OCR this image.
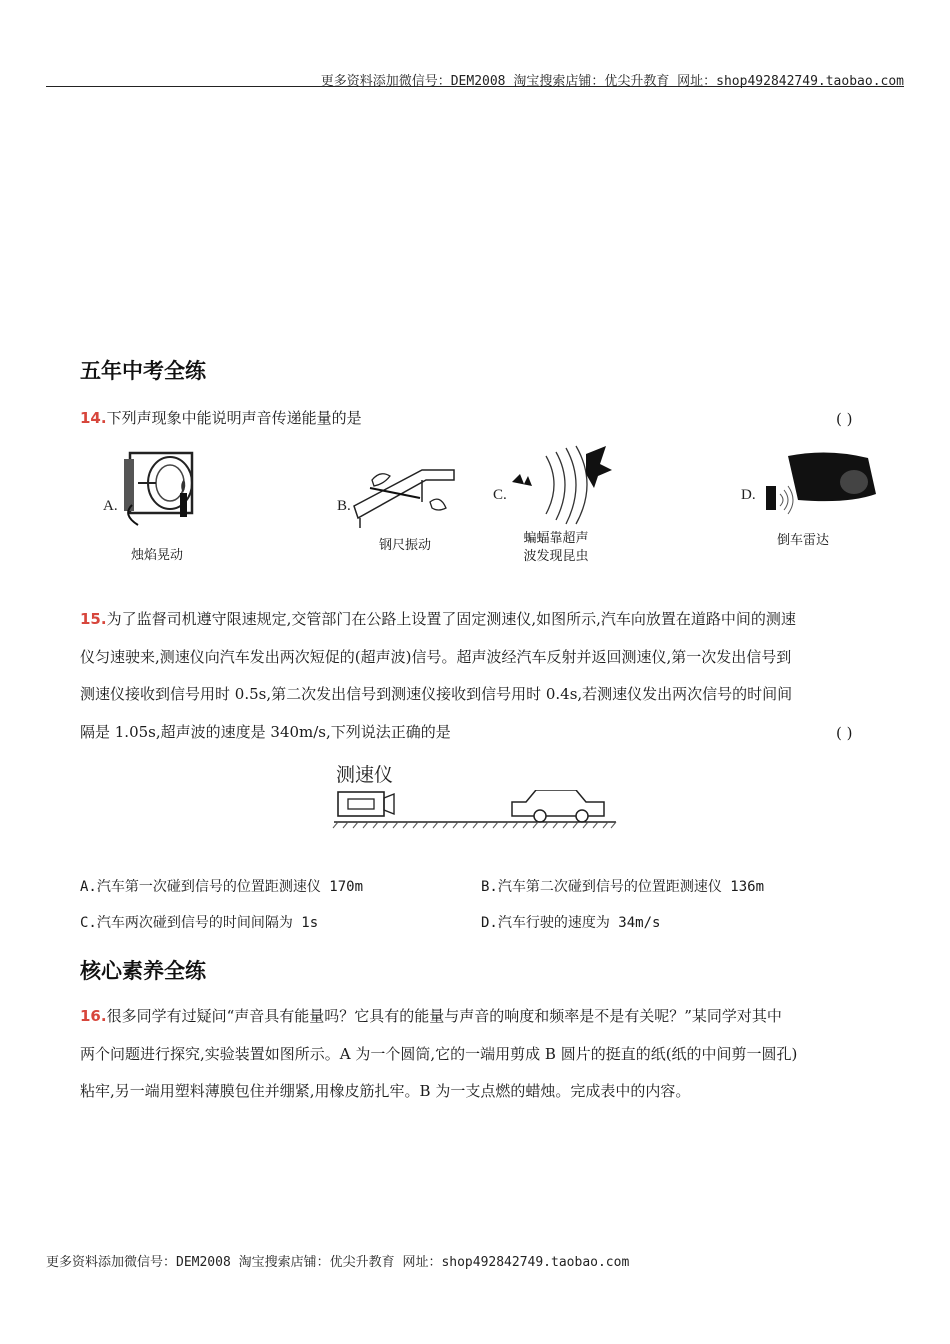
更多资料添加微信号：DEM2008 淘宝搜索店铺：优尖升教育 网址：shop492842749.taobao.com
五年中考全练
14.下列声现象中能说明声音传递能量的是	( )
A.
烛焰晃动
B.
钢尺振动
C.
蝙蝠靠超声
波发现昆虫
D.
倒车雷达
15.为了监督司机遵守限速规定,交管部门在公路上设置了固定测速仪,如图所示,汽车向放置在道路中间的测速
仪匀速驶来,测速仪向汽车发出两次短促的(超声波)信号。超声波经汽车反射并返回测速仪,第一次发出信号到
测速仪接收到信号用时 0.5s,第二次发出信号到测速仪接收到信号用时 0.4s,若测速仪发出两次信号的时间间
隔是 1.05s,超声波的速度是 340m/s,下列说法正确的是	( )
测速仪
A.汽车第一次碰到信号的位置距测速仪 170m	B.汽车第二次碰到信号的位置距测速仪 136m
C.汽车两次碰到信号的时间间隔为 1s	D.汽车行驶的速度为 34m/s
核心素养全练
16.很多同学有过疑问“声音具有能量吗？它具有的能量与声音的响度和频率是不是有关呢？”某同学对其中
两个问题进行探究,实验装置如图所示。A 为一个圆筒,它的一端用剪成 B 圆片的挺直的纸(纸的中间剪一圆孔)
粘牢,另一端用塑料薄膜包住并绷紧,用橡皮筋扎牢。B 为一支点燃的蜡烛。完成表中的内容。
更多资料添加微信号：DEM2008 淘宝搜索店铺：优尖升教育 网址：shop492842749.taobao.com
